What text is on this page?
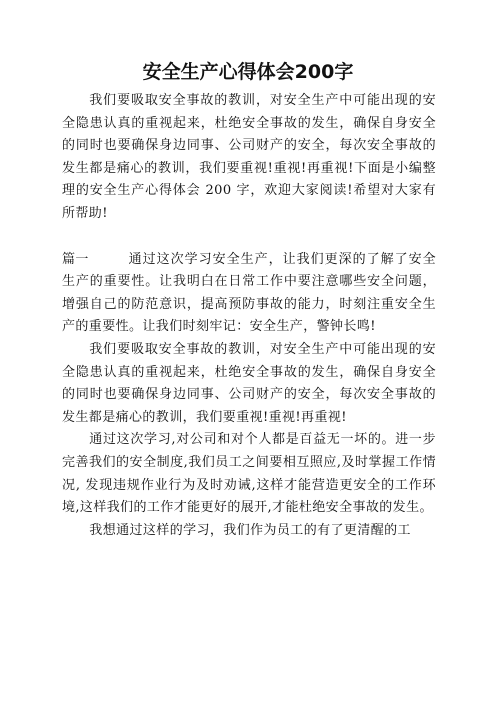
安全生产心得体会200字

我们要吸取安全事故的教训，对安全生产中可能出现的安全隐患认真的重视起来，杜绝安全事故的发生，确保自身安全的同时也要确保身边同事、公司财产的安全，每次安全事故的发生都是痛心的教训，我们要重视!重视!再重视!下面是小编整理的安全生产心得体会 200 字，欢迎大家阅读!希望对大家有所帮助!

篇一	通过这次学习安全生产，让我们更深的了解了安全生产的重要性。让我明白在日常工作中要注意哪些安全问题，增强自己的防范意识，提高预防事故的能力，时刻注重安全生产的重要性。让我们时刻牢记：安全生产，警钟长鸣!

我们要吸取安全事故的教训，对安全生产中可能出现的安全隐患认真的重视起来，杜绝安全事故的发生，确保自身安全的同时也要确保身边同事、公司财产的安全，每次安全事故的发生都是痛心的教训，我们要重视!重视!再重视!

通过这次学习,对公司和对个人都是百益无一坏的。进一步完善我们的安全制度,我们员工之间要相互照应,及时掌握工作情况, 发现违规作业行为及时劝诫,这样才能营造更安全的工作环境,这样我们的工作才能更好的展开,才能杜绝安全事故的发生。

我想通过这样的学习，我们作为员工的有了更清醒的工
